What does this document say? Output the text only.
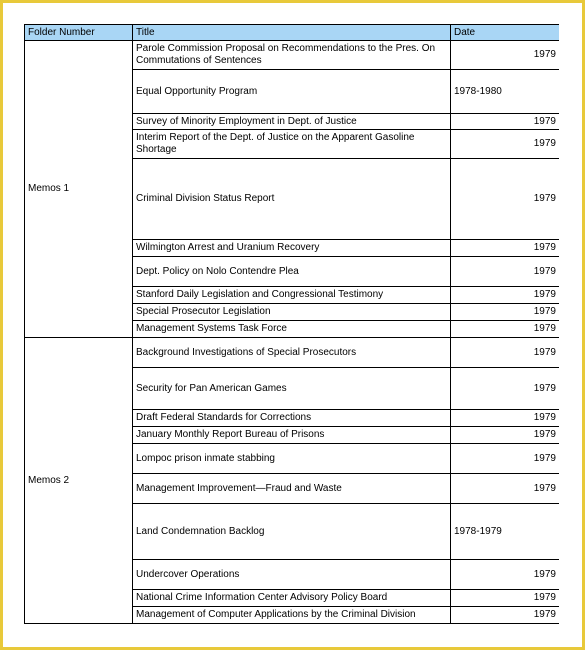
Folder Number	Title	Date
Memos 1	Parole Commission Proposal on Recommendations to the Pres. On Commutations of Sentences	1979
	Equal Opportunity Program	1978-1980
	Survey of Minority Employment in Dept. of Justice	1979
	Interim Report of the Dept. of Justice on the Apparent Gasoline Shortage	1979
	Criminal Division Status Report	1979
	Wilmington Arrest and Uranium Recovery	1979
	Dept. Policy on Nolo Contendre Plea	1979
	Stanford Daily Legislation and Congressional Testimony	1979
	Special Prosecutor Legislation	1979
	Management Systems Task Force	1979
Memos 2	Background Investigations of Special Prosecutors	1979
	Security for Pan American Games	1979
	Draft Federal Standards for Corrections	1979
	January Monthly Report Bureau of Prisons	1979
	Lompoc prison inmate stabbing	1979
	Management Improvement—Fraud and Waste	1979
	Land Condemnation Backlog	1978-1979
	Undercover Operations	1979
	National Crime Information Center Advisory Policy Board	1979
	Management of Computer Applications by the Criminal Division	1979
